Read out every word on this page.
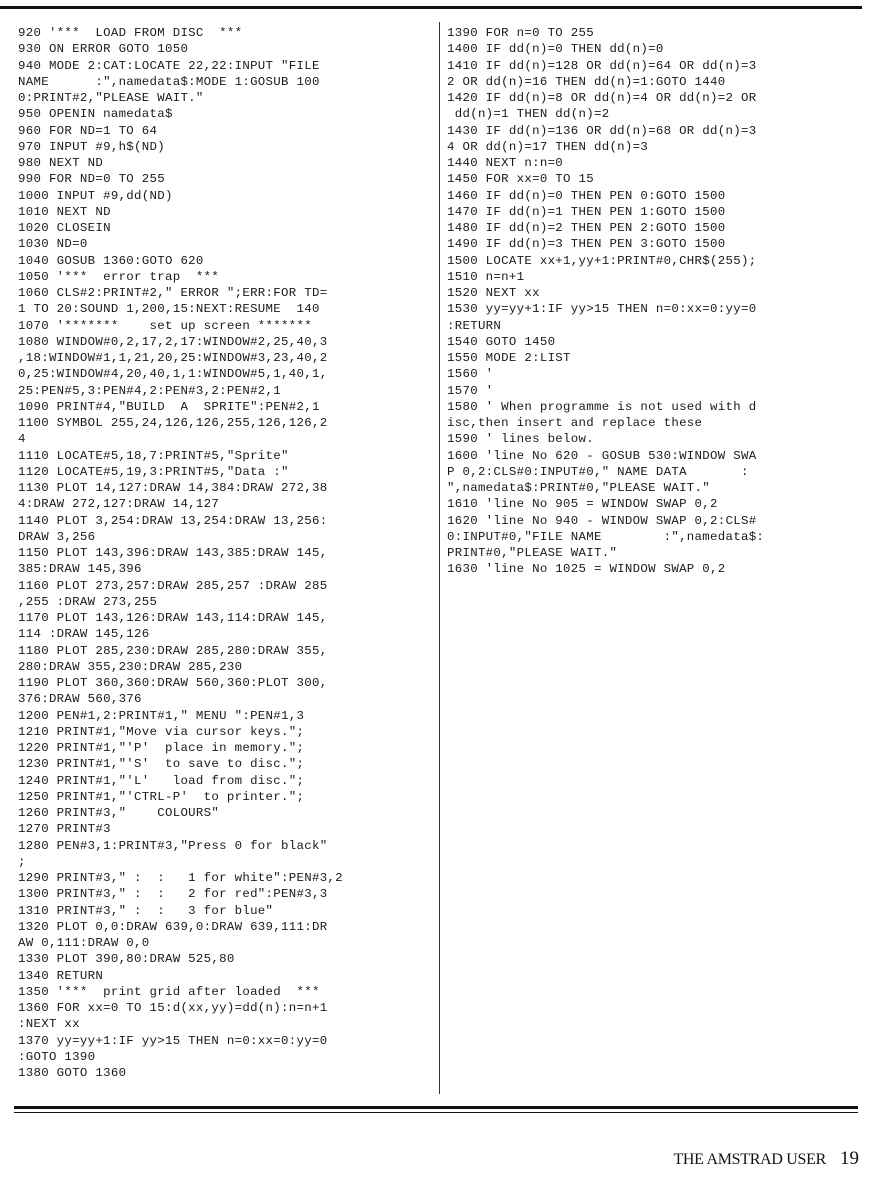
920 '***  LOAD FROM DISC  ***
930 ON ERROR GOTO 1050
940 MODE 2:CAT:LOCATE 22,22:INPUT "FILE
NAME      :",namedata$:MODE 1:GOSUB 100
0:PRINT#2,"PLEASE WAIT."
950 OPENIN namedata$
960 FOR ND=1 TO 64
970 INPUT #9,h$(ND)
980 NEXT ND
990 FOR ND=0 TO 255
1000 INPUT #9,dd(ND)
1010 NEXT ND
1020 CLOSEIN
1030 ND=0
1040 GOSUB 1360:GOTO 620
1050 '***  error trap  ***
1060 CLS#2:PRINT#2," ERROR ";ERR:FOR TD=
1 TO 20:SOUND 1,200,15:NEXT:RESUME  140
1070 '*******    set up screen *******
1080 WINDOW#0,2,17,2,17:WINDOW#2,25,40,3
,18:WINDOW#1,1,21,20,25:WINDOW#3,23,40,2
0,25:WINDOW#4,20,40,1,1:WINDOW#5,1,40,1,
25:PEN#5,3:PEN#4,2:PEN#3,2:PEN#2,1
1090 PRINT#4,"BUILD  A  SPRITE":PEN#2,1
1100 SYMBOL 255,24,126,126,255,126,126,2
4
1110 LOCATE#5,18,7:PRINT#5,"Sprite"
1120 LOCATE#5,19,3:PRINT#5,"Data :"
1130 PLOT 14,127:DRAW 14,384:DRAW 272,38
4:DRAW 272,127:DRAW 14,127
1140 PLOT 3,254:DRAW 13,254:DRAW 13,256:
DRAW 3,256
1150 PLOT 143,396:DRAW 143,385:DRAW 145,
385:DRAW 145,396
1160 PLOT 273,257:DRAW 285,257 :DRAW 285
,255 :DRAW 273,255
1170 PLOT 143,126:DRAW 143,114:DRAW 145,
114 :DRAW 145,126
1180 PLOT 285,230:DRAW 285,280:DRAW 355,
280:DRAW 355,230:DRAW 285,230
1190 PLOT 360,360:DRAW 560,360:PLOT 300,
376:DRAW 560,376
1200 PEN#1,2:PRINT#1," MENU ":PEN#1,3
1210 PRINT#1,"Move via cursor keys.";
1220 PRINT#1,"'P'  place in memory.";
1230 PRINT#1,"'S'  to save to disc.";
1240 PRINT#1,"'L'   load from disc.";
1250 PRINT#1,"'CTRL-P'  to printer.";
1260 PRINT#3,"    COLOURS"
1270 PRINT#3
1280 PEN#3,1:PRINT#3,"Press 0 for black"
;
1290 PRINT#3," :  :   1 for white":PEN#3,2
1300 PRINT#3," :  :   2 for red":PEN#3,3
1310 PRINT#3," :  :   3 for blue"
1320 PLOT 0,0:DRAW 639,0:DRAW 639,111:DR
AW 0,111:DRAW 0,0
1330 PLOT 390,80:DRAW 525,80
1340 RETURN
1350 '***  print grid after loaded  ***
1360 FOR xx=0 TO 15:d(xx,yy)=dd(n):n=n+1
:NEXT xx
1370 yy=yy+1:IF yy>15 THEN n=0:xx=0:yy=0
:GOTO 1390
1380 GOTO 1360
1390 FOR n=0 TO 255
1400 IF dd(n)=0 THEN dd(n)=0
1410 IF dd(n)=128 OR dd(n)=64 OR dd(n)=3
2 OR dd(n)=16 THEN dd(n)=1:GOTO 1440
1420 IF dd(n)=8 OR dd(n)=4 OR dd(n)=2 OR
dd(n)=1 THEN dd(n)=2
1430 IF dd(n)=136 OR dd(n)=68 OR dd(n)=3
4 OR dd(n)=17 THEN dd(n)=3
1440 NEXT n:n=0
1450 FOR xx=0 TO 15
1460 IF dd(n)=0 THEN PEN 0:GOTO 1500
1470 IF dd(n)=1 THEN PEN 1:GOTO 1500
1480 IF dd(n)=2 THEN PEN 2:GOTO 1500
1490 IF dd(n)=3 THEN PEN 3:GOTO 1500
1500 LOCATE xx+1,yy+1:PRINT#0,CHR$(255);
1510 n=n+1
1520 NEXT xx
1530 yy=yy+1:IF yy>15 THEN n=0:xx=0:yy=0
:RETURN
1540 GOTO 1450
1550 MODE 2:LIST
1560 '
1570 '
1580 ' When programme is not used with d
isc,then insert and replace these
1590 ' lines below.
1600 'line No 620 - GOSUB 530:WINDOW SWA
P 0,2:CLS#0:INPUT#0," NAME DATA       :
",namedata$:PRINT#0,"PLEASE WAIT."
1610 'line No 905 = WINDOW SWAP 0,2
1620 'line No 940 - WINDOW SWAP 0,2:CLS#
0:INPUT#0,"FILE NAME        :",namedata$:
PRINT#0,"PLEASE WAIT."
1630 'line No 1025 = WINDOW SWAP 0,2
THE AMSTRAD USER 19
